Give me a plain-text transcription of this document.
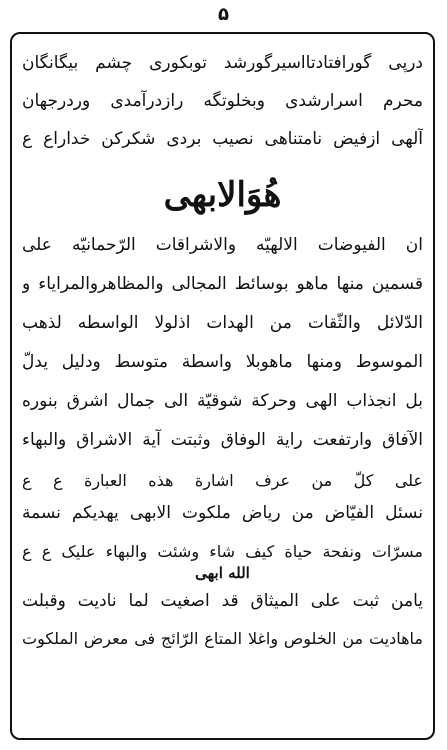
۵
درپی گورافتادتااسیرگورشد توبکوری چشم بیگانگان
محرم اسرارشدی وبخلوتگه رازدرآمدی وردرجهان
آلهی ازفیض نامتناهی نصیب بردی شکرکن خداراع ع
هُوَالابهی
ان الفیوضات الالهیّه والاشراقات الرّحمانیّه علی
قسمین منها ماهو بوسائط المجالی والمظاهروالمرایاء و
الدّلائل والثّقات من الهدات اذلولا الواسطه لذهب
الموسوط ومنها ماهوبلا واسطة متوسط ودلیل یدلّ
بل انجذاب الهی وحرکة شوقیّة الی جمال اشرق بنوره
الآفاق وارتفعت رایة الوفاق وثبتت آیة الاشراق والبهاء
علی کلّ من عرف اشارة هذه العبارة ع ع
نسئل الفیّاض من ریاض ملکوت الابهی یهدیکم نسمة
مسرّات ونفحة حیاة کیف شاء وشئت والبهاء علیک ع ع
الله ابهی
یامن ثبت علی المیثاق قد اصغیت لما نادیت وقبلت
ماهادیت من الخلوص واغلا المتاع الرّائج فی معرض الملکوت
